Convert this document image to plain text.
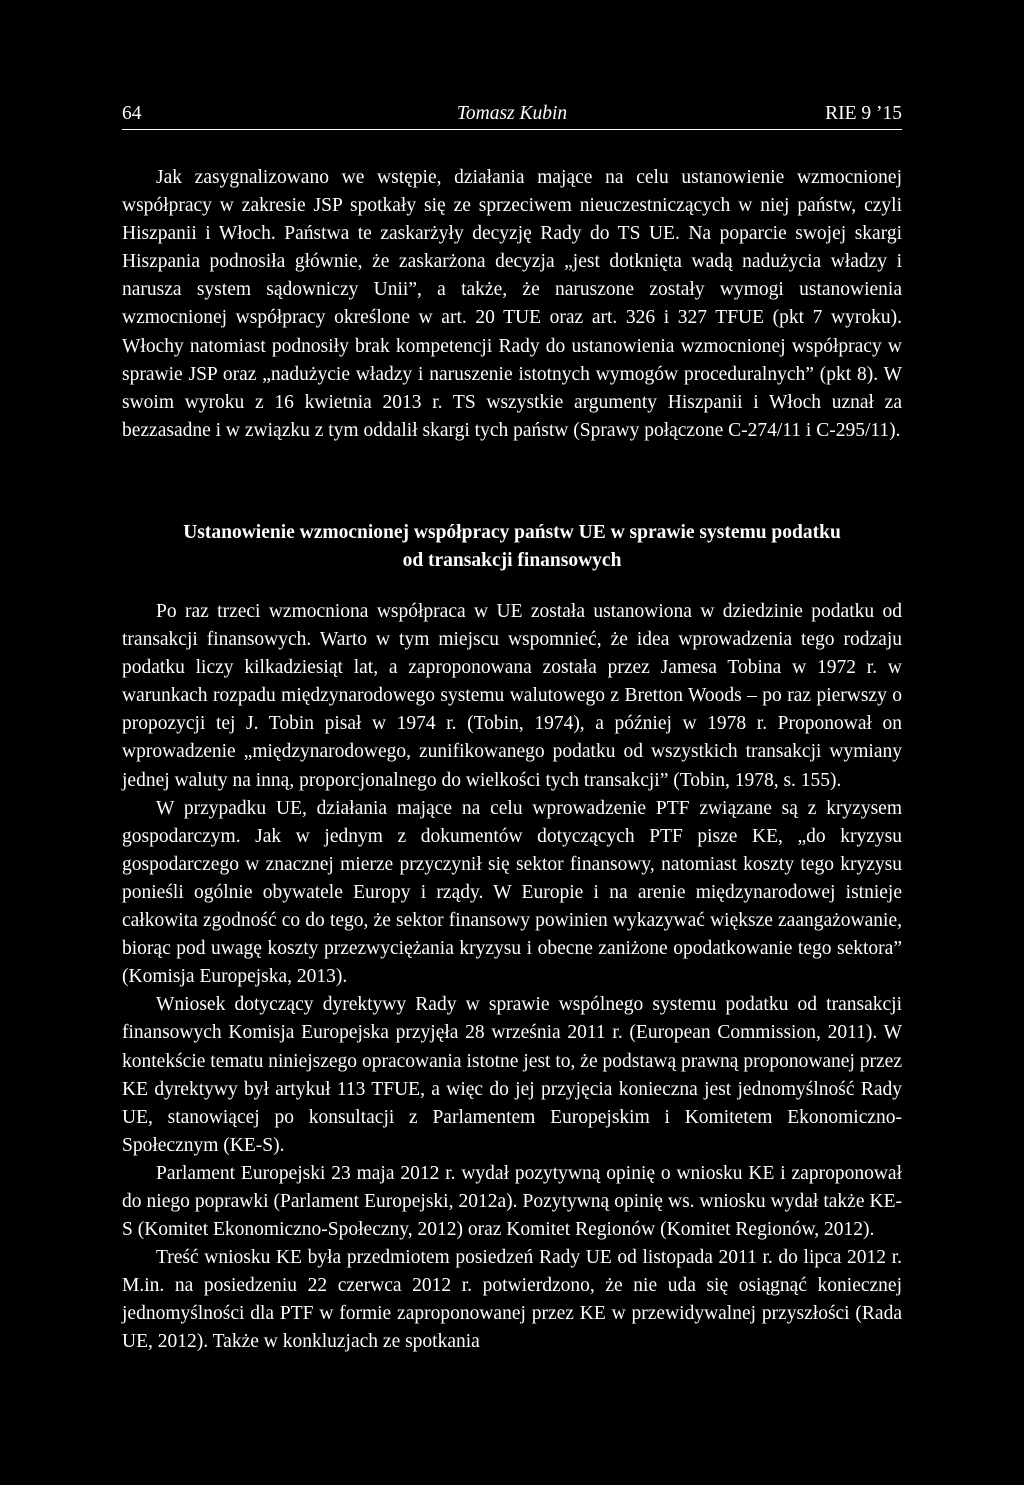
64	Tomasz Kubin	RIE 9 ’15

Jak zasygnalizowano we wstępie, działania mające na celu ustanowienie wzmocnionej współpracy w zakresie JSP spotkały się ze sprzeciwem nieuczestniczących w niej państw, czyli Hiszpanii i Włoch. Państwa te zaskarżyły decyzję Rady do TS UE. Na poparcie swojej skargi Hiszpania podnosiła głównie, że zaskarżona decyzja „jest dotknięta wadą nadużycia władzy i narusza system sądowniczy Unii”, a także, że naruszone zostały wymogi ustanowienia wzmocnionej współpracy określone w art. 20 TUE oraz art. 326 i 327 TFUE (pkt 7 wyroku). Włochy natomiast podnosiły brak kompetencji Rady do ustanowienia wzmocnionej współpracy w sprawie JSP oraz „nadużycie władzy i naruszenie istotnych wymogów proceduralnych” (pkt 8). W swoim wyroku z 16 kwietnia 2013 r. TS wszystkie argumenty Hiszpanii i Włoch uznał za bezzasadne i w związku z tym oddalił skargi tych państw (Sprawy połączone C-274/11 i C-295/11).

Ustanowienie wzmocnionej współpracy państw UE w sprawie systemu podatku
od transakcji finansowych

Po raz trzeci wzmocniona współpraca w UE została ustanowiona w dziedzinie podatku od transakcji finansowych. Warto w tym miejscu wspomnieć, że idea wprowadzenia tego rodzaju podatku liczy kilkadziesiąt lat, a zaproponowana została przez Jamesa Tobina w 1972 r. w warunkach rozpadu międzynarodowego systemu walutowego z Bretton Woods – po raz pierwszy o propozycji tej J. Tobin pisał w 1974 r. (Tobin, 1974), a później w 1978 r. Proponował on wprowadzenie „międzynarodowego, zunifikowanego podatku od wszystkich transakcji wymiany jednej waluty na inną, proporcjonalnego do wielkości tych transakcji” (Tobin, 1978, s. 155).

W przypadku UE, działania mające na celu wprowadzenie PTF związane są z kryzysem gospodarczym. Jak w jednym z dokumentów dotyczących PTF pisze KE, „do kryzysu gospodarczego w znacznej mierze przyczynił się sektor finansowy, natomiast koszty tego kryzysu ponieśli ogólnie obywatele Europy i rządy. W Europie i na arenie międzynarodowej istnieje całkowita zgodność co do tego, że sektor finansowy powinien wykazywać większe zaangażowanie, biorąc pod uwagę koszty przezwyciężania kryzysu i obecne zaniżone opodatkowanie tego sektora” (Komisja Europejska, 2013).

Wniosek dotyczący dyrektywy Rady w sprawie wspólnego systemu podatku od transakcji finansowych Komisja Europejska przyjęła 28 września 2011 r. (European Commission, 2011). W kontekście tematu niniejszego opracowania istotne jest to, że podstawą prawną proponowanej przez KE dyrektywy był artykuł 113 TFUE, a więc do jej przyjęcia konieczna jest jednomyślność Rady UE, stanowiącej po konsultacji z Parlamentem Europejskim i Komitetem Ekonomiczno-Społecznym (KE-S).

Parlament Europejski 23 maja 2012 r. wydał pozytywną opinię o wniosku KE i zaproponował do niego poprawki (Parlament Europejski, 2012a). Pozytywną opinię ws. wniosku wydał także KE-S (Komitet Ekonomiczno-Społeczny, 2012) oraz Komitet Regionów (Komitet Regionów, 2012).

Treść wniosku KE była przedmiotem posiedzeń Rady UE od listopada 2011 r. do lipca 2012 r. M.in. na posiedzeniu 22 czerwca 2012 r. potwierdzono, że nie uda się osiągnąć koniecznej jednomyślności dla PTF w formie zaproponowanej przez KE w przewidywalnej przyszłości (Rada UE, 2012). Także w konkluzjach ze spotkania
